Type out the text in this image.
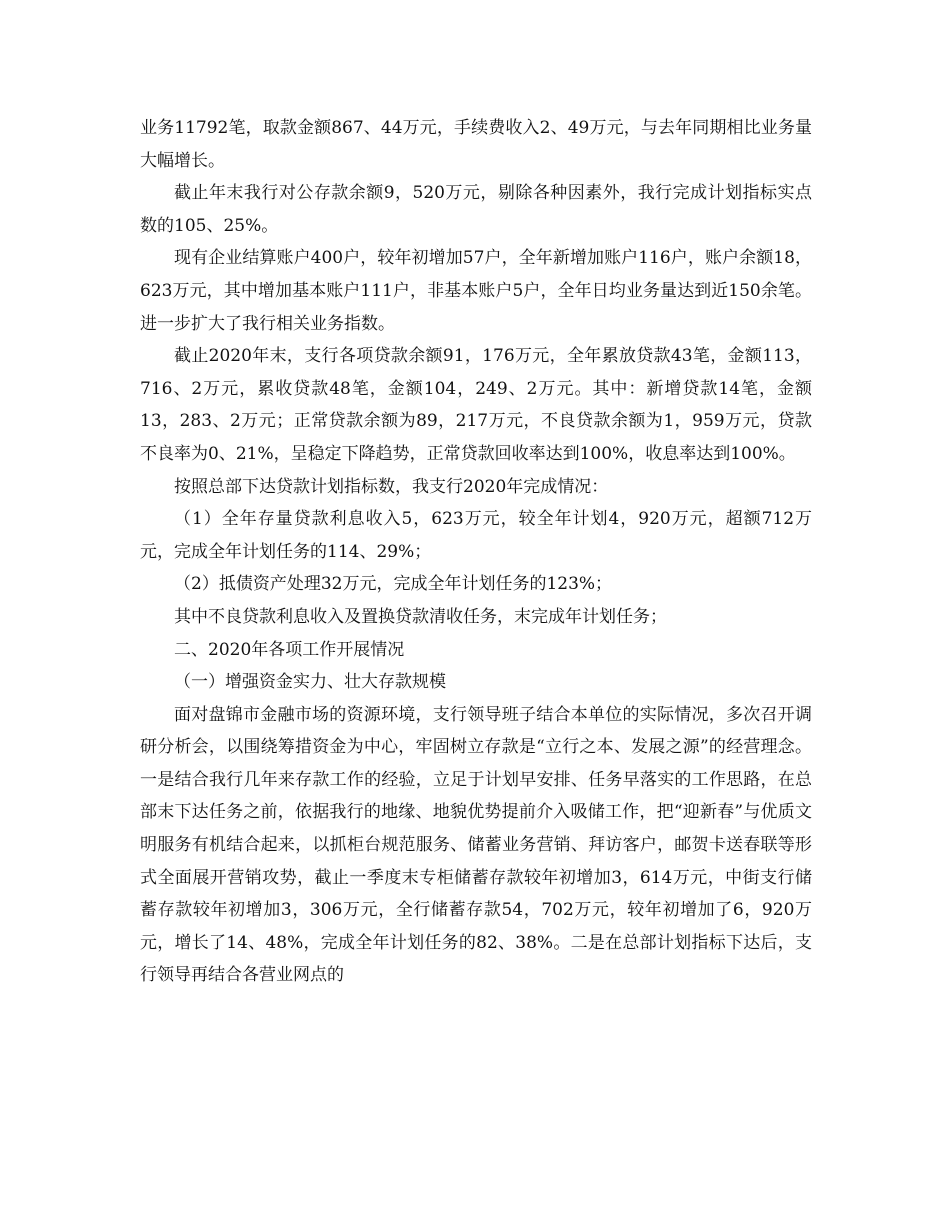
业务11792笔，取款金额867、44万元，手续费收入2、49万元，与去年同期相比业务量大幅增长。

截止年末我行对公存款余额9，520万元，剔除各种因素外，我行完成计划指标实点数的105、25%。

现有企业结算账户400户，较年初增加57户，全年新增加账户116户，账户余额18，623万元，其中增加基本账户111户，非基本账户5户，全年日均业务量达到近150余笔。进一步扩大了我行相关业务指数。

截止2020年末，支行各项贷款余额91，176万元，全年累放贷款43笔，金额113，716、2万元，累收贷款48笔，金额104，249、2万元。其中：新增贷款14笔，金额13，283、2万元；正常贷款余额为89，217万元，不良贷款余额为1，959万元，贷款不良率为0、21%，呈稳定下降趋势，正常贷款回收率达到100%，收息率达到100%。

按照总部下达贷款计划指标数，我支行2020年完成情况：

（1）全年存量贷款利息收入5，623万元，较全年计划4，920万元，超额712万元，完成全年计划任务的114、29%；

（2）抵债资产处理32万元，完成全年计划任务的123%；

其中不良贷款利息收入及置换贷款清收任务，末完成年计划任务；

二、2020年各项工作开展情况

（一）增强资金实力、壮大存款规模

面对盘锦市金融市场的资源环境，支行领导班子结合本单位的实际情况，多次召开调研分析会，以围绕筹措资金为中心，牢固树立存款是“立行之本、发展之源”的经营理念。一是结合我行几年来存款工作的经验，立足于计划早安排、任务早落实的工作思路，在总部末下达任务之前，依据我行的地缘、地貌优势提前介入吸储工作，把“迎新春”与优质文明服务有机结合起来，以抓柜台规范服务、储蓄业务营销、拜访客户，邮贺卡送春联等形式全面展开营销攻势，截止一季度末专柜储蓄存款较年初增加3，614万元，中街支行储蓄存款较年初增加3，306万元，全行储蓄存款54，702万元，较年初增加了6，920万元，增长了14、48%，完成全年计划任务的82、38%。二是在总部计划指标下达后，支行领导再结合各营业网点的
